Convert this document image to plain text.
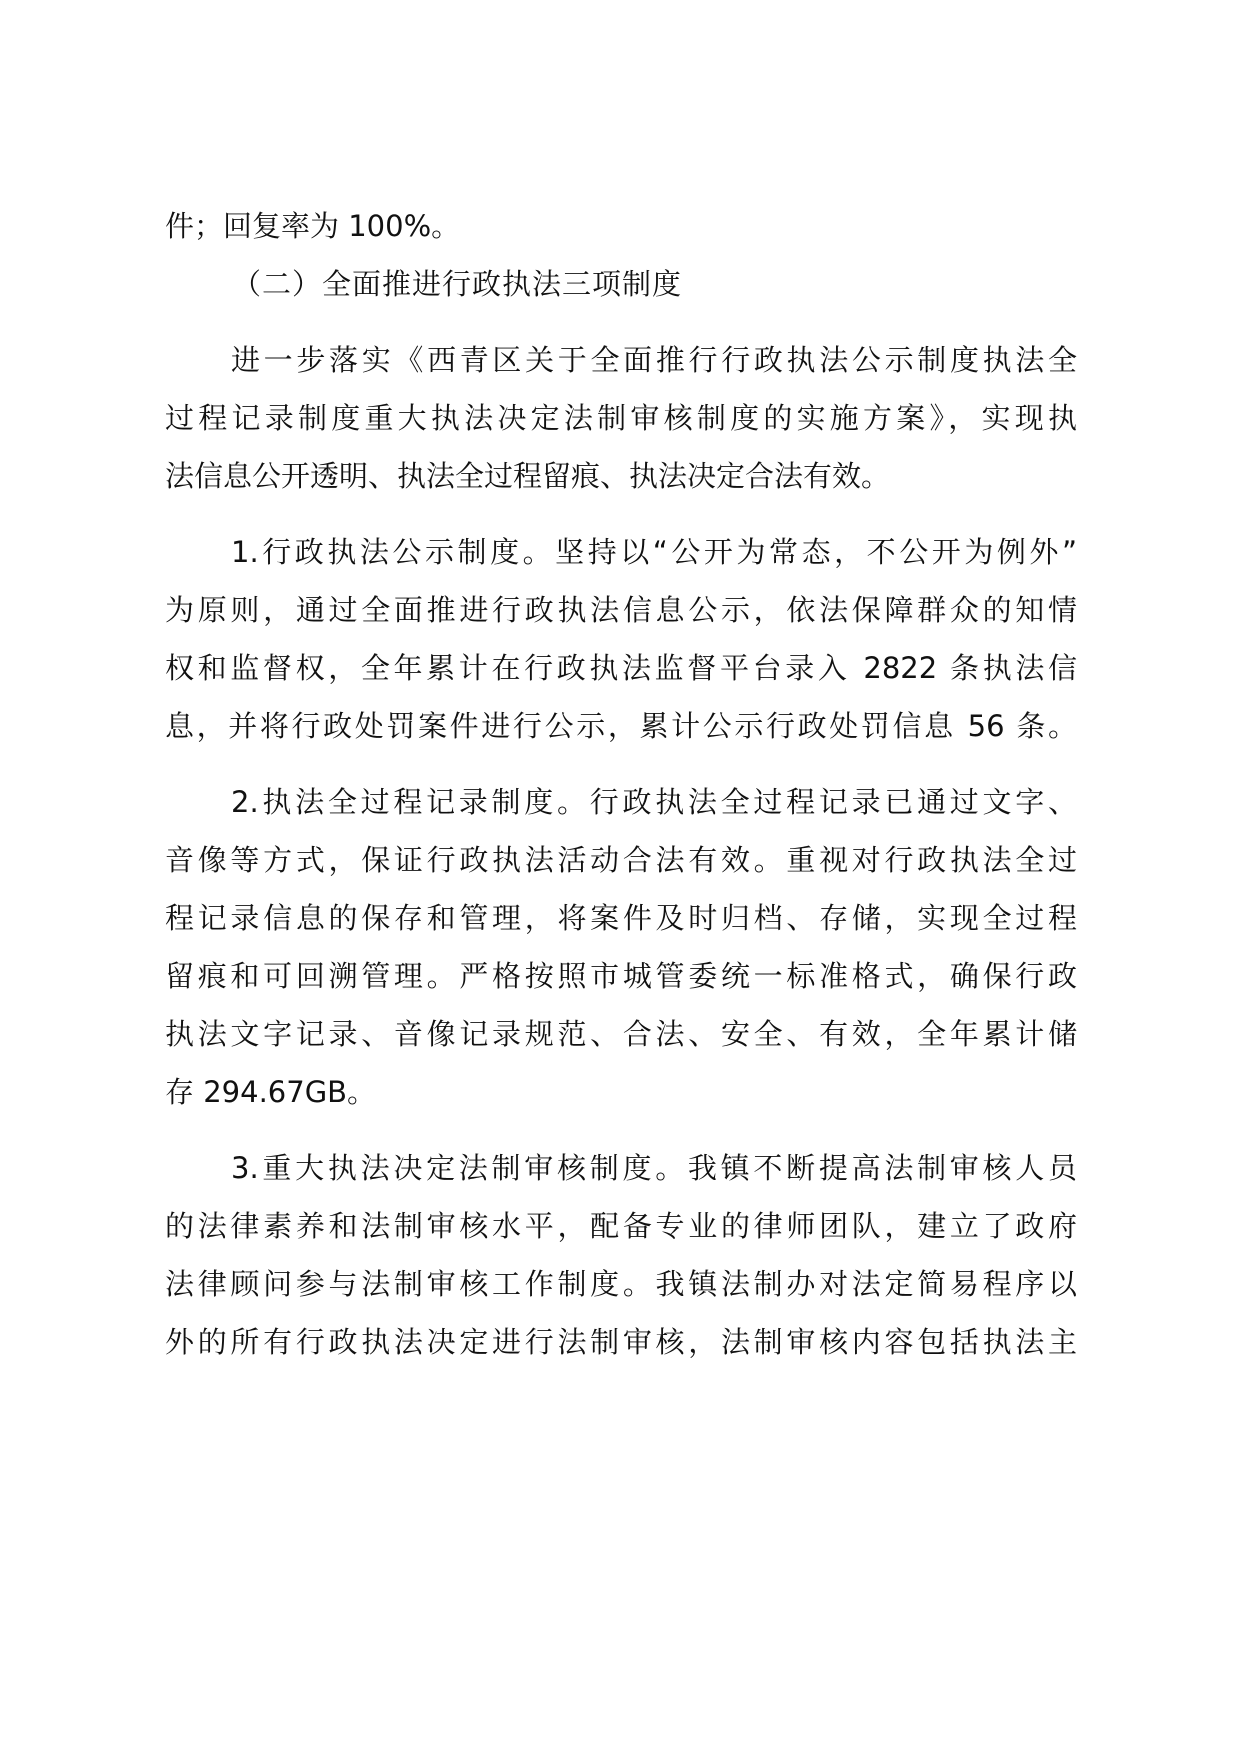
件；回复率为 100%。

（二）全面推进行政执法三项制度

进一步落实《西青区关于全面推行行政执法公示制度执法全

过程记录制度重大执法决定法制审核制度的实施方案》，实现执

法信息公开透明、执法全过程留痕、执法决定合法有效。

1.行政执法公示制度。坚持以“公开为常态，不公开为例外”

为原则，通过全面推进行政执法信息公示，依法保障群众的知情

权和监督权，全年累计在行政执法监督平台录入 2822 条执法信

息，并将行政处罚案件进行公示，累计公示行政处罚信息 56 条。

2.执法全过程记录制度。行政执法全过程记录已通过文字、

音像等方式，保证行政执法活动合法有效。重视对行政执法全过

程记录信息的保存和管理，将案件及时归档、存储，实现全过程

留痕和可回溯管理。严格按照市城管委统一标准格式，确保行政

执法文字记录、音像记录规范、合法、安全、有效，全年累计储

存 294.67GB。

3.重大执法决定法制审核制度。我镇不断提高法制审核人员

的法律素养和法制审核水平，配备专业的律师团队，建立了政府

法律顾问参与法制审核工作制度。我镇法制办对法定简易程序以

外的所有行政执法决定进行法制审核，法制审核内容包括执法主
